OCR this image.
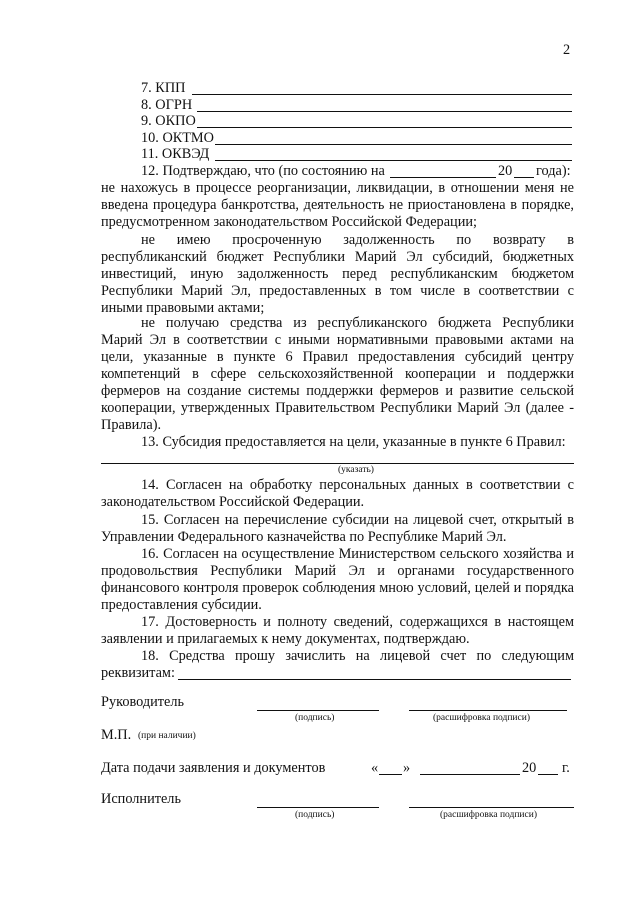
2
7. КПП
8. ОГРН
9. ОКПО
10. ОКТМО
11. ОКВЭД
12. Подтверждаю, что (по состоянию на	20 года):
не нахожусь в процессе реорганизации, ликвидации, в отношении меня не введена процедура банкротства, деятельность не приостановлена в порядке, предусмотренном законодательством Российской Федерации;
не имею просроченную задолженность по возврату в республиканский бюджет Республики Марий Эл субсидий, бюджетных инвестиций, иную задолженность перед республиканским бюджетом Республики Марий Эл, предоставленных в том числе в соответствии с иными правовыми актами;
не получаю средства из республиканского бюджета Республики Марий Эл в соответствии с иными нормативными правовыми актами на цели, указанные в пункте 6 Правил предоставления субсидий центру компетенций в сфере сельскохозяйственной кооперации и поддержки фермеров на создание системы поддержки фермеров и развитие сельской кооперации, утвержденных Правительством Республики Марий Эл (далее - Правила).
13. Субсидия предоставляется на цели, указанные в пункте 6 Правил:
(указать)
14. Согласен на обработку персональных данных в соответствии с законодательством Российской Федерации.
15. Согласен на перечисление субсидии на лицевой счет, открытый в Управлении Федерального казначейства по Республике Марий Эл.
16. Согласен на осуществление Министерством сельского хозяйства и продовольствия Республики Марий Эл и органами государственного финансового контроля проверок соблюдения мною условий, целей и порядка предоставления субсидии.
17. Достоверность и полноту сведений, содержащихся в настоящем заявлении и прилагаемых к нему документах, подтверждаю.
18. Средства прошу зачислить на лицевой счет по следующим
реквизитам:
Руководитель
(подпись)	(расшифровка подписи)
М.П. (при наличии)
Дата подачи заявления и документов	« »	20 г.
Исполнитель
(подпись)	(расшифровка подписи)
